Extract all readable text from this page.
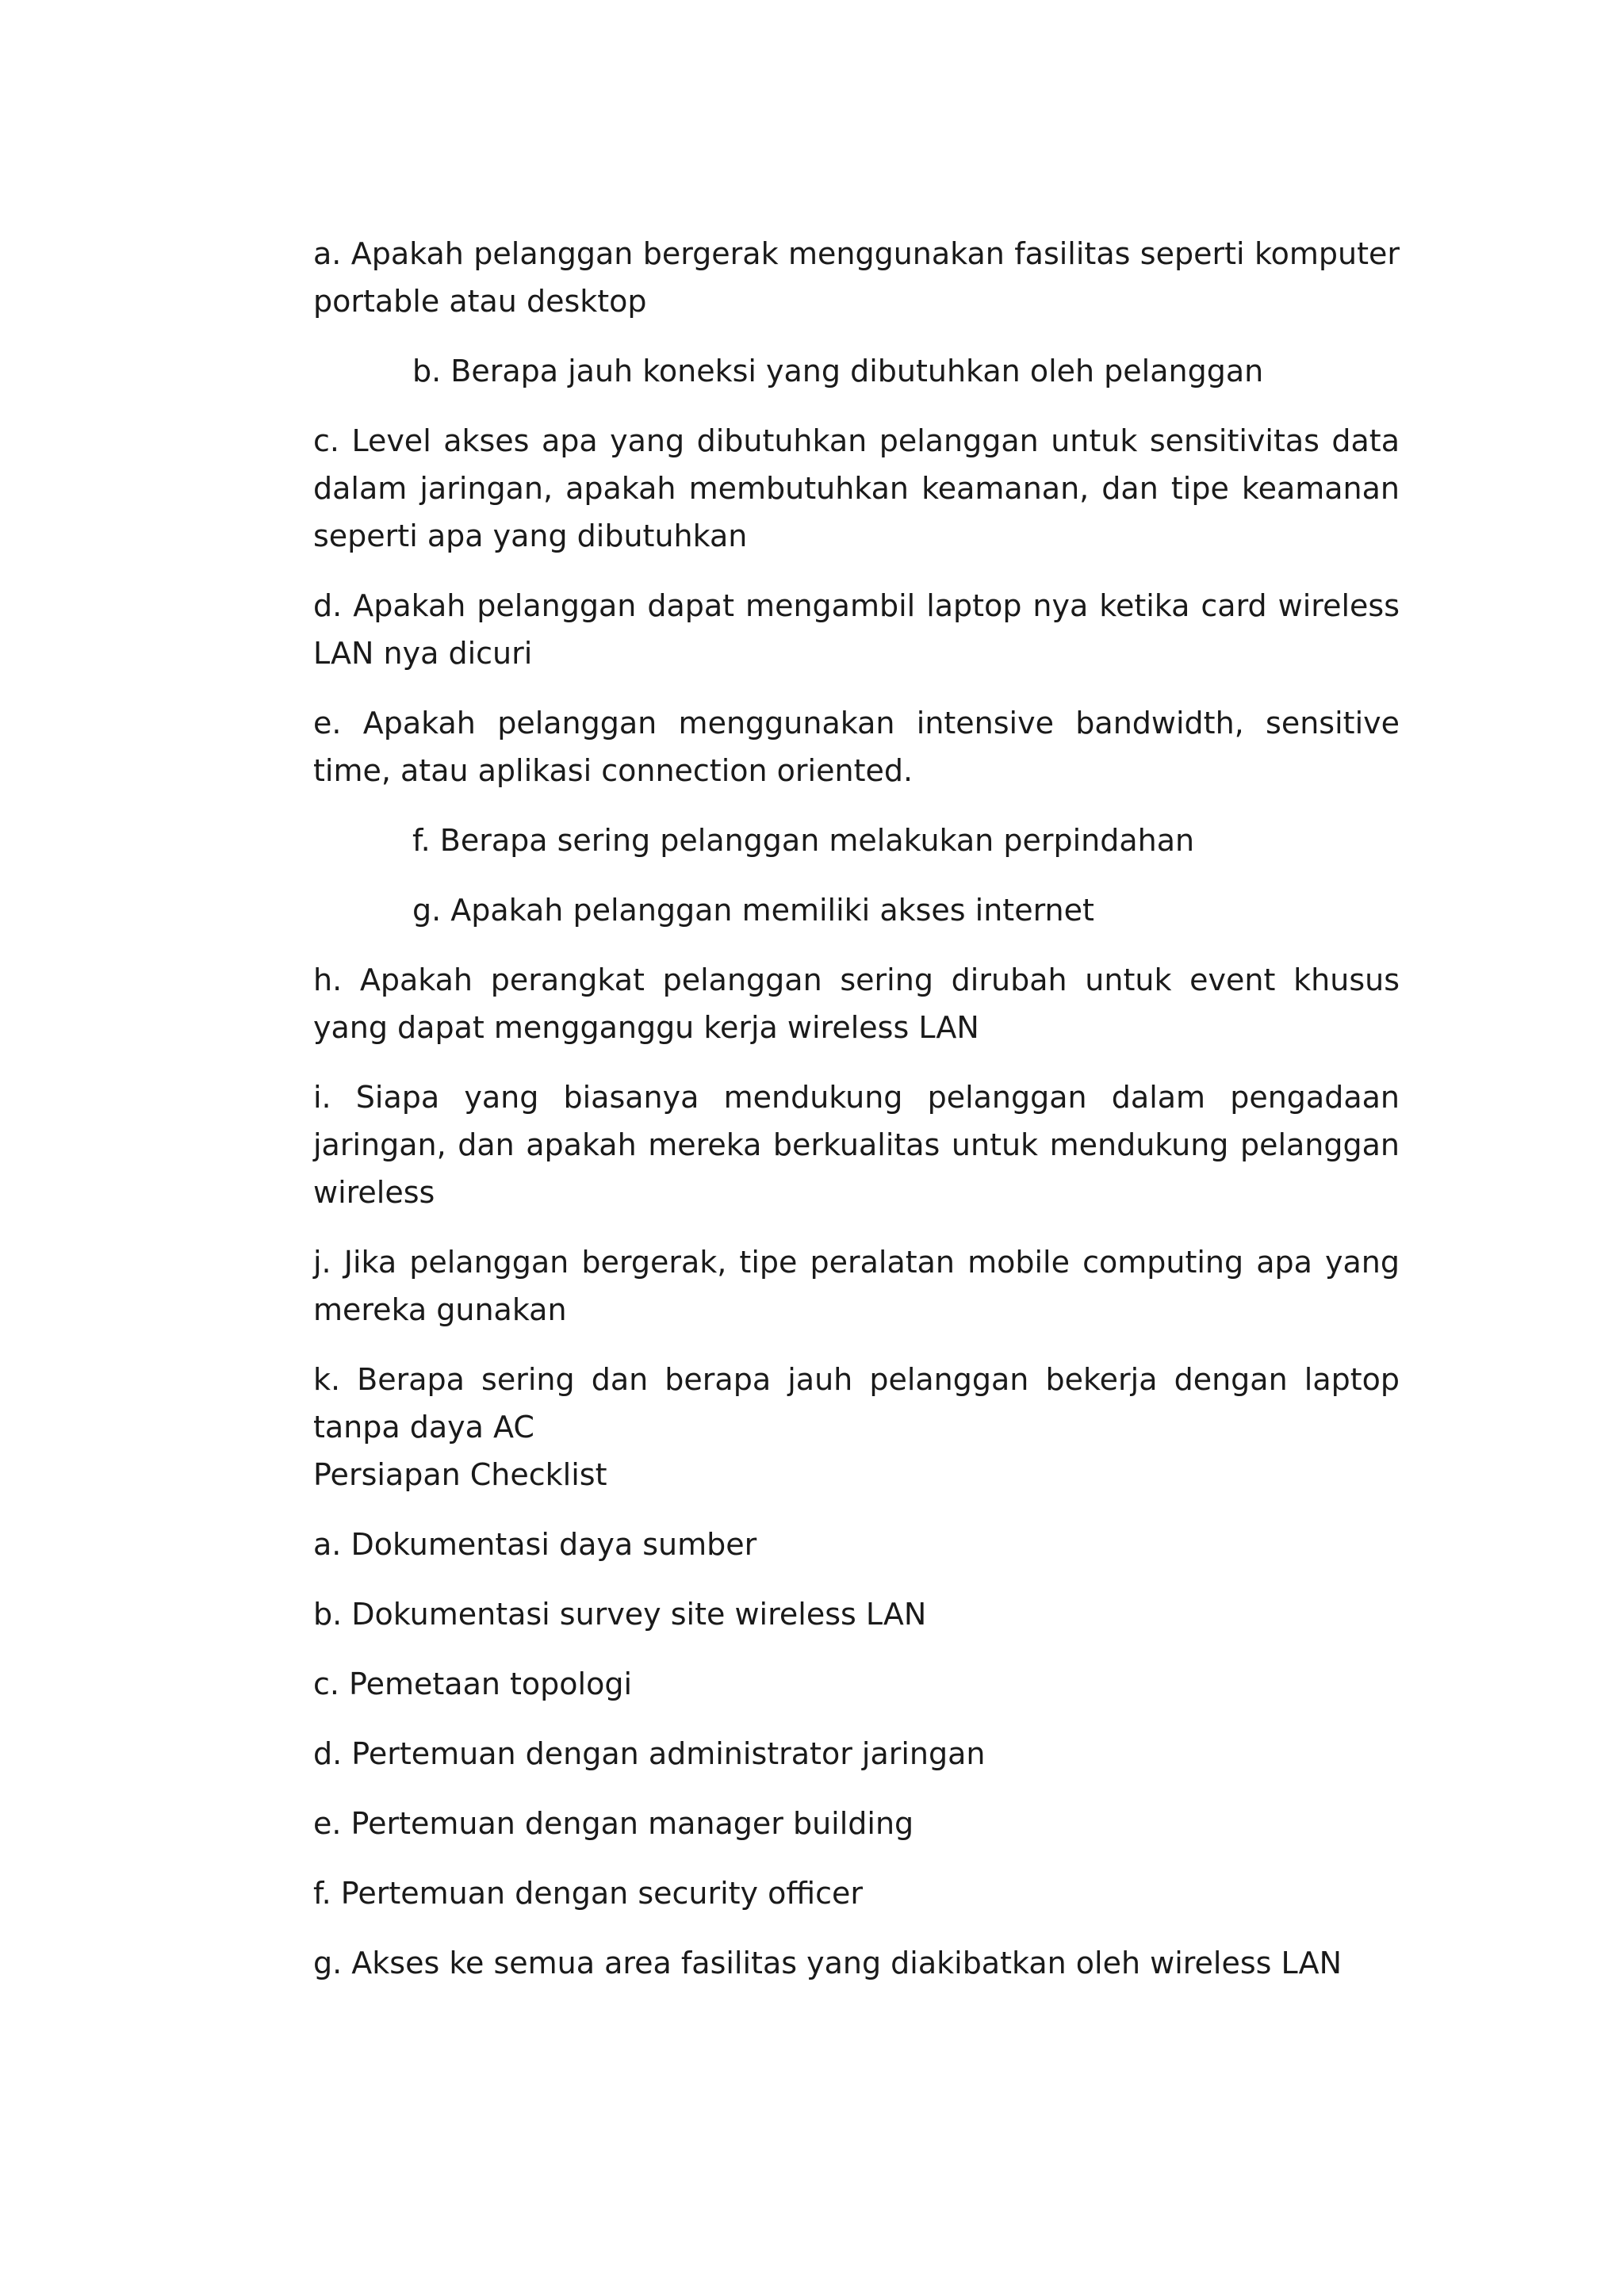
a. Apakah pelanggan bergerak menggunakan fasilitas seperti komputer portable atau desktop

b. Berapa jauh koneksi yang dibutuhkan oleh pelanggan

c. Level akses apa yang dibutuhkan pelanggan untuk sensitivitas data dalam jaringan, apakah membutuhkan keamanan, dan tipe keamanan seperti apa yang dibutuhkan

d. Apakah pelanggan dapat mengambil laptop nya ketika card wireless LAN nya dicuri

e. Apakah pelanggan menggunakan intensive bandwidth, sensitive time, atau aplikasi connection oriented.

f. Berapa sering pelanggan melakukan perpindahan

g. Apakah pelanggan memiliki akses internet

h. Apakah perangkat pelanggan sering dirubah untuk event khusus yang dapat mengganggu kerja wireless LAN

i. Siapa yang biasanya mendukung pelanggan dalam pengadaan jaringan, dan apakah mereka berkualitas untuk mendukung pelanggan wireless

j. Jika pelanggan bergerak, tipe peralatan mobile computing apa yang mereka gunakan

k. Berapa sering dan berapa jauh pelanggan bekerja dengan laptop tanpa daya AC

Persiapan Checklist

a. Dokumentasi daya sumber

b. Dokumentasi survey site wireless LAN

c. Pemetaan topologi

d. Pertemuan dengan administrator jaringan

e. Pertemuan dengan manager building

f. Pertemuan dengan security officer

g. Akses ke semua area fasilitas yang diakibatkan oleh wireless LAN
